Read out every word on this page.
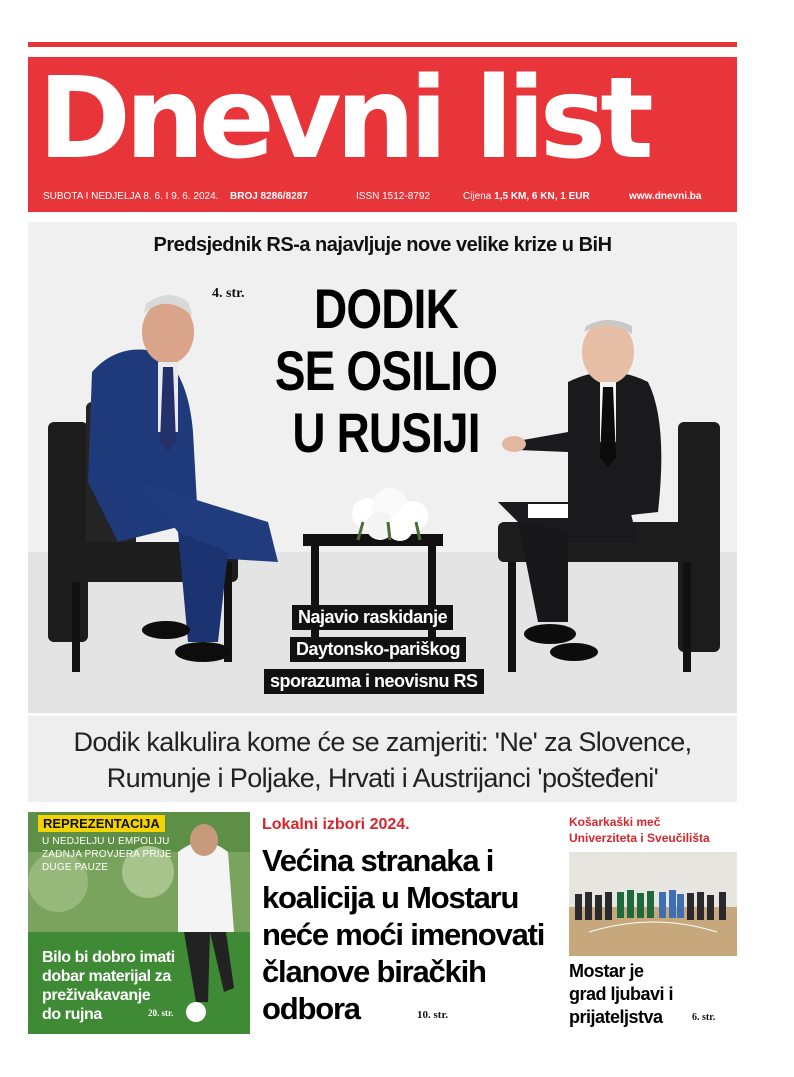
Dnevni list
SUBOTA I NEDJELJA 8. 6. I 9. 6. 2024. BROJ 8286/8287	ISSN 1512-8792	Cijena 1,5 KM, 6 KN, 1 EUR	www.dnevni.ba
Predsjednik RS-a najavljuje nove velike krize u BiH
4. str.	DODIK
SE OSILIO
U RUSIJI
Najavio raskidanje
Daytonsko-pariškog
sporazuma i neovisnu RS
Dodik kalkulira kome će se zamjeriti: 'Ne' za Slovence,
Rumunje i Poljake, Hrvati i Austrijanci 'pošteđeni'
REPREZENTACIJA
U NEDJELJU U EMPOLIJU
ZADNJA PROVJERA PRIJE
DUGE PAUZE
Bilo bi dobro imati
dobar materijal za
preživakavanje
do rujna	20. str.
Lokalni izbori 2024.
Većina stranaka i
koalicija u Mostaru
neće moći imenovati
članove biračkih
odbora	10. str.
Košarkaški meč
Univerziteta i Sveučilišta
Mostar je
grad ljubavi i
prijateljstva	6. str.
